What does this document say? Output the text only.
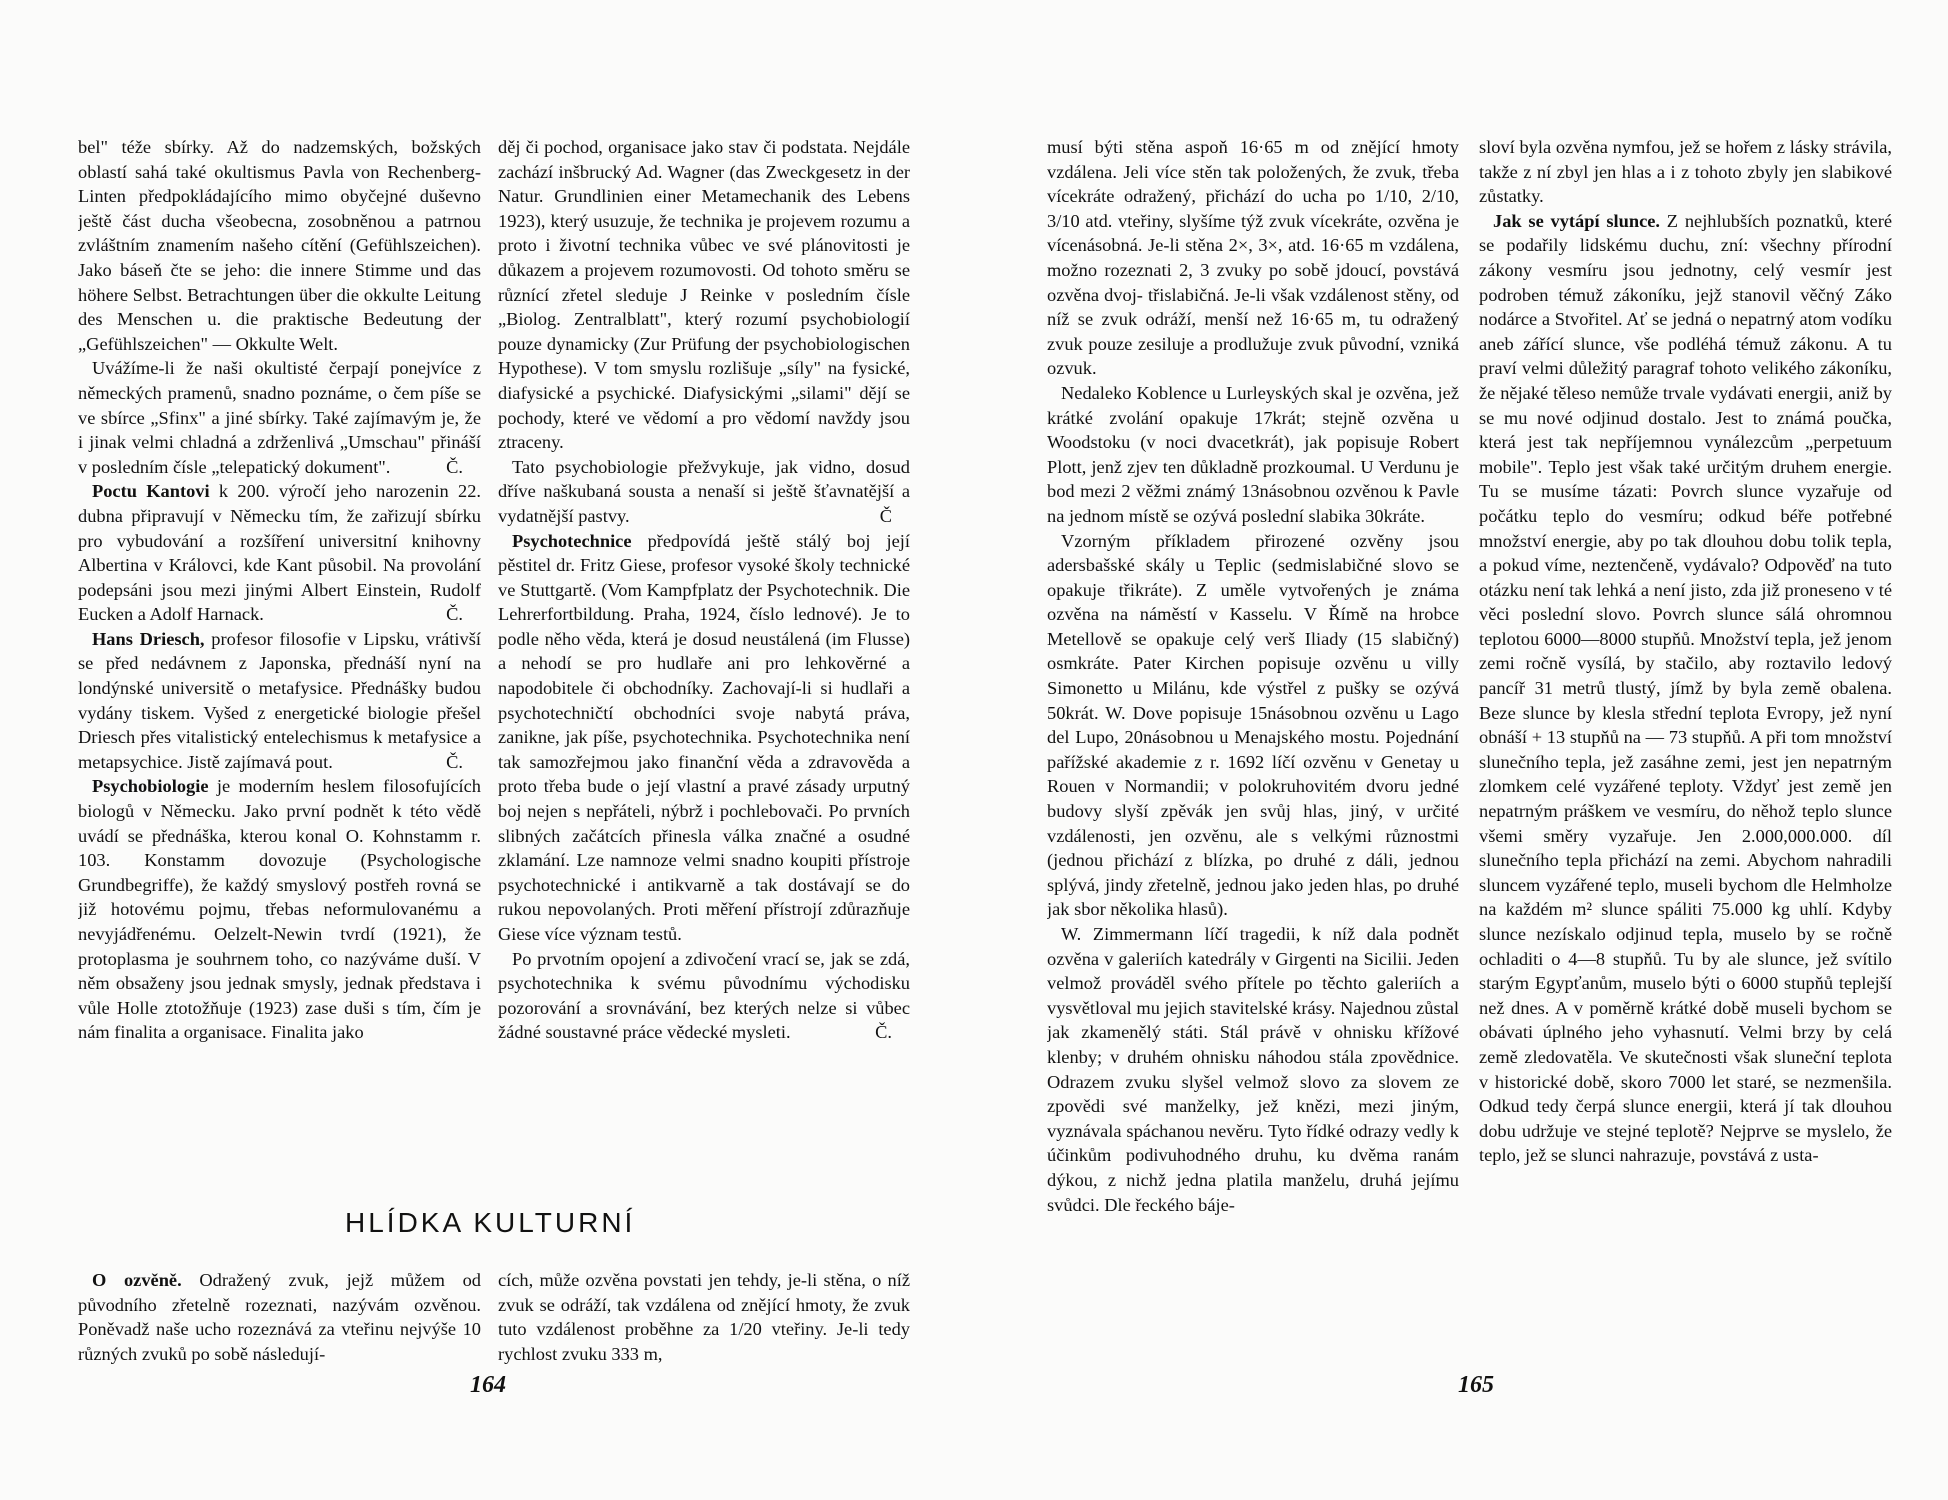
bel" téže sbírky. Až do nadzemských, božských oblastí sahá také okultismus Pavla von Rechenberg-Linten předpokládajícího mimo obyčejné duševno ještě část ducha všeobecna, zosobněnou a patrnou zvláštním znamením našeho cítění (Gefühlszeichen). Jako báseň čte se jeho: die innere Stimme und das höhere Selbst. Betrachtungen über die okkulte Leitung des Menschen u. die praktische Bedeutung der „Gefühlszeichen" — Okkulte Welt.

Uvážíme-li že naši okultisté čerpají ponejvíce z německých pramenů, snadno poznáme, o čem píše se ve sbírce „Sfinx" a jiné sbírky. Také zajímavým je, že i jinak velmi chladná a zdrženlivá „Umschau" přináší v posledním čísle „telepatický dokument".	Č.

Poctu Kantovi k 200. výročí jeho narozenin 22. dubna připravují v Německu tím, že zařizují sbírku pro vybudování a rozšíření universitní knihovny Albertina v Královci, kde Kant působil. Na provolání podepsáni jsou mezi jinými Albert Einstein, Rudolf Eucken a Adolf Harnack.	Č.

Hans Driesch, profesor filosofie v Lipsku, vrátivší se před nedávnem z Japonska, přednáší nyní na londýnské universitě o metafysice. Přednášky budou vydány tiskem. Vyšed z energetické biologie přešel Driesch přes vitalistický entelechismus k metafysice a metapsychice. Jistě zajímavá pout.	Č.

Psychobiologie je moderním heslem filosofujících biologů v Německu. Jako první podnět k této vědě uvádí se přednáška, kterou konal O. Kohnstamm r. 103. Konstamm dovozuje (Psychologische Grundbegriffe), že každý smyslový postřeh rovná se již hotovému pojmu, třebas neformulovanému a nevyjádřenému. Oelzelt-Newin tvrdí (1921), že protoplasma je souhrnem toho, co nazýváme duší. V něm obsaženy jsou jednak smysly, jednak představa i vůle Holle ztotožňuje (1923) zase duši s tím, čím je nám finalita a organisace. Finalita jako

děj či pochod, organisace jako stav či podstata. Nejdále zachází inšbrucký Ad. Wagner (das Zweckgesetz in der Natur. Grundlinien einer Metamechanik des Lebens 1923), který usuzuje, že technika je projevem rozumu a proto i životní technika vůbec ve své plánovitosti je důkazem a projevem rozumovosti. Od tohoto směru se různící zřetel sleduje J Reinke v posledním čísle „Biolog. Zentralblatt", který rozumí psychobiologií pouze dynamicky (Zur Prüfung der psychobiologischen Hypothese). V tom smyslu rozlišuje „síly" na fysické, diafysické a psychické. Diafysickými „silami" dějí se pochody, které ve vědomí a pro vědomí navždy jsou ztraceny.

Tato psychobiologie přežvykuje, jak vidno, dosud dříve naškubaná sousta a nenaší si ještě šťavnatější a vydatnější pastvy.	Č

Psychotechnice předpovídá ještě stálý boj její pěstitel dr. Fritz Giese, profesor vysoké školy technické ve Stuttgartě. (Vom Kampfplatz der Psychotechnik. Die Lehrerfortbildung. Praha, 1924, číslo lednové). Je to podle něho věda, která je dosud neustálená (im Flusse) a nehodí se pro hudlaře ani pro lehkověrné a napodobitele či obchodníky. Zachovají-li si hudlaři a psychotechničtí obchodníci svoje nabytá práva, zanikne, jak píše, psychotechnika. Psychotechnika není tak samozřejmou jako finanční věda a zdravověda a proto třeba bude o její vlastní a pravé zásady urputný boj nejen s nepřáteli, nýbrž i pochlebovači. Po prvních slibných začátcích přinesla válka značné a osudné zklamání. Lze namnoze velmi snadno koupiti přístroje psychotechnické i antikvarně a tak dostávají se do rukou nepovolaných. Proti měření přístrojí zdůrazňuje Giese více význam testů.

Po prvotním opojení a zdivočení vrací se, jak se zdá, psychotechnika k svému původnímu východisku pozorování a srovnávání, bez kterých nelze si vůbec žádné soustavné práce vědecké mysleti.	Č.

HLÍDKA KULTURNÍ

O ozvěně. Odražený zvuk, jejž můžem od původního zřetelně rozeznati, nazývám ozvěnou. Poněvadž naše ucho rozeznává za vteřinu nejvýše 10 různých zvuků po sobě následují-

cích, může ozvěna povstati jen tehdy, je-li stěna, o níž zvuk se odráží, tak vzdálena od znějící hmoty, že zvuk tuto vzdálenost proběhne za 1/20 vteřiny. Je-li tedy rychlost zvuku 333 m,

164

musí býti stěna aspoň 16·65 m od znějící hmoty vzdálena. Jeli více stěn tak položených, že zvuk, třeba vícekráte odražený, přichází do ucha po 1/10, 2/10, 3/10 atd. vteřiny, slyšíme týž zvuk vícekráte, ozvěna je vícenásobná. Je-li stěna 2×, 3×, atd. 16·65 m vzdálena, možno rozeznati 2, 3 zvuky po sobě jdoucí, povstává ozvěna dvoj- třislabičná. Je-li však vzdálenost stěny, od níž se zvuk odráží, menší než 16·65 m, tu odražený zvuk pouze zesiluje a prodlužuje zvuk původní, vzniká ozvuk.

Nedaleko Koblence u Lurleyských skal je ozvěna, jež krátké zvolání opakuje 17krát; stejně ozvěna u Woodstoku (v noci dvacetkrát), jak popisuje Robert Plott, jenž zjev ten důkladně prozkoumal. U Verdunu je bod mezi 2 věžmi známý 13násobnou ozvěnou k Pavle na jednom místě se ozývá poslední slabika 30kráte.

Vzorným příkladem přirozené ozvěny jsou adersbašské skály u Teplic (sedmislabičné slovo se opakuje třikráte). Z uměle vytvořených je známa ozvěna na náměstí v Kasselu. V Římě na hrobce Metellově se opakuje celý verš Iliady (15 slabičný) osmkráte. Pater Kirchen popisuje ozvěnu u villy Simonetto u Milánu, kde výstřel z pušky se ozývá 50krát. W. Dove popisuje 15násobnou ozvěnu u Lago del Lupo, 20násobnou u Menajského mostu. Pojednání pařížské akademie z r. 1692 líčí ozvěnu v Genetay u Rouen v Normandii; v polokruhovitém dvoru jedné budovy slyší zpěvák jen svůj hlas, jiný, v určité vzdálenosti, jen ozvěnu, ale s velkými různostmi (jednou přichází z blízka, po druhé z dáli, jednou splývá, jindy zřetelně, jednou jako jeden hlas, po druhé jak sbor několika hlasů).

W. Zimmermann líčí tragedii, k níž dala podnět ozvěna v galeriích katedrály v Girgenti na Sicilii. Jeden velmož prováděl svého přítele po těchto galeriích a vysvětloval mu jejich stavitelské krásy. Najednou zůstal jak zkamenělý státi. Stál právě v ohnisku křížové klenby; v druhém ohnisku náhodou stála zpovědnice. Odrazem zvuku slyšel velmož slovo za slovem ze zpovědi své manželky, jež knězi, mezi jiným, vyznávala spáchanou nevěru. Tyto řídké odrazy vedly k účinkům podivuhodného druhu, ku dvěma ranám dýkou, z nichž jedna platila manželu, druhá jejímu svůdci. Dle řeckého báje-

sloví byla ozvěna nymfou, jež se hořem z lásky strávila, takže z ní zbyl jen hlas a i z tohoto zbyly jen slabikové zůstatky.

Jak se vytápí slunce. Z nejhlubších poznatků, které se podařily lidskému duchu, zní: všechny přírodní zákony vesmíru jsou jednotny, celý vesmír jest podroben témuž zákoníku, jejž stanovil věčný Záko nodárce a Stvořitel. Ať se jedná o nepatrný atom vodíku aneb zářící slunce, vše podléhá témuž zákonu. A tu praví velmi důležitý paragraf tohoto velikého zákoníku, že nějaké těleso nemůže trvale vydávati energii, aniž by se mu nové odjinud dostalo. Jest to známá poučka, která jest tak nepříjemnou vynálezcům „perpetuum mobile". Teplo jest však také určitým druhem energie. Tu se musíme tázati: Povrch slunce vyzařuje od počátku teplo do vesmíru; odkud béře potřebné množství energie, aby po tak dlouhou dobu tolik tepla, a pokud víme, neztenčeně, vydávalo? Odpověď na tuto otázku není tak lehká a není jisto, zda již proneseno v té věci poslední slovo. Povrch slunce sálá ohromnou teplotou 6000—8000 stupňů. Množství tepla, jež jenom zemi ročně vysílá, by stačilo, aby roztavilo ledový pancíř 31 metrů tlustý, jímž by byla země obalena. Beze slunce by klesla střední teplota Evropy, jež nyní obnáší + 13 stupňů na — 73 stupňů. A při tom množství slunečního tepla, jež zasáhne zemi, jest jen nepatrným zlomkem celé vyzářené teploty. Vždyť jest země jen nepatrným práškem ve vesmíru, do něhož teplo slunce všemi směry vyzařuje. Jen 2.000,000.000. díl slunečního tepla přichází na zemi. Abychom nahradili sluncem vyzářené teplo, museli bychom dle Helmholze na každém m² slunce spáliti 75.000 kg uhlí. Kdyby slunce nezískalo odjinud tepla, muselo by se ročně ochladiti o 4—8 stupňů. Tu by ale slunce, jež svítilo starým Egypťanům, muselo býti o 6000 stupňů teplejší než dnes. A v poměrně krátké době museli bychom se obávati úplného jeho vyhasnutí. Velmi brzy by celá země zledovatěla. Ve skutečnosti však sluneční teplota v historické době, skoro 7000 let staré, se nezmenšila. Odkud tedy čerpá slunce energii, která jí tak dlouhou dobu udržuje ve stejné teplotě? Nejprve se myslelo, že teplo, jež se slunci nahrazuje, povstává z usta-

165
